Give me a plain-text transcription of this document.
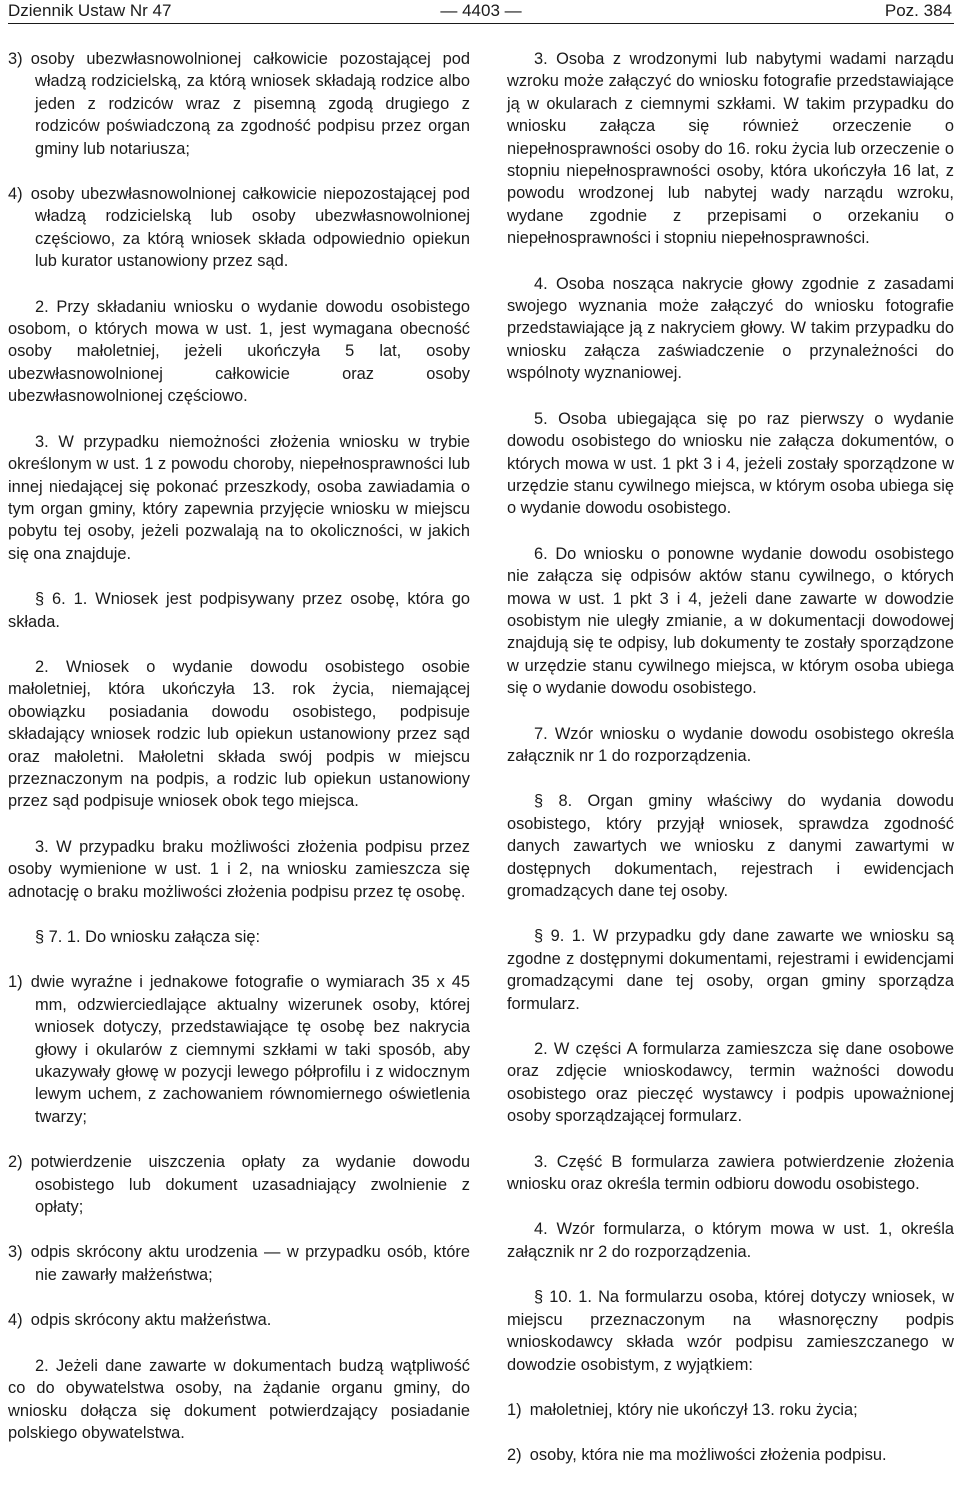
Dziennik Ustaw Nr 47	— 4403 —	Poz. 384

3) osoby ubezwłasnowolnionej całkowicie pozostającej pod władzą rodzicielską, za którą wniosek składają rodzice albo jeden z rodziców wraz z pisemną zgodą drugiego z rodziców poświadczoną za zgodność podpisu przez organ gminy lub notariusza;

4) osoby ubezwłasnowolnionej całkowicie niepozostającej pod władzą rodzicielską lub osoby ubezwłasnowolnionej częściowo, za którą wniosek składa odpowiednio opiekun lub kurator ustanowiony przez sąd.

2. Przy składaniu wniosku o wydanie dowodu osobistego osobom, o których mowa w ust. 1, jest wymagana obecność osoby małoletniej, jeżeli ukończyła 5 lat, osoby ubezwłasnowolnionej całkowicie oraz osoby ubezwłasnowolnionej częściowo.

3. W przypadku niemożności złożenia wniosku w trybie określonym w ust. 1 z powodu choroby, niepełnosprawności lub innej niedającej się pokonać przeszkody, osoba zawiadamia o tym organ gminy, który zapewnia przyjęcie wniosku w miejscu pobytu tej osoby, jeżeli pozwalają na to okoliczności, w jakich się ona znajduje.

§ 6. 1. Wniosek jest podpisywany przez osobę, która go składa.

2. Wniosek o wydanie dowodu osobistego osobie małoletniej, która ukończyła 13. rok życia, niemającej obowiązku posiadania dowodu osobistego, podpisuje składający wniosek rodzic lub opiekun ustanowiony przez sąd oraz małoletni. Małoletni składa swój podpis w miejscu przeznaczonym na podpis, a rodzic lub opiekun ustanowiony przez sąd podpisuje wniosek obok tego miejsca.

3. W przypadku braku możliwości złożenia podpisu przez osoby wymienione w ust. 1 i 2, na wniosku zamieszcza się adnotację o braku możliwości złożenia podpisu przez tę osobę.

§ 7. 1. Do wniosku załącza się:

1) dwie wyraźne i jednakowe fotografie o wymiarach 35 x 45 mm, odzwierciedlające aktualny wizerunek osoby, której wniosek dotyczy, przedstawiające tę osobę bez nakrycia głowy i okularów z ciemnymi szkłami w taki sposób, aby ukazywały głowę w pozycji lewego półprofilu i z widocznym lewym uchem, z zachowaniem równomiernego oświetlenia twarzy;

2) potwierdzenie uiszczenia opłaty za wydanie dowodu osobistego lub dokument uzasadniający zwolnienie z opłaty;

3) odpis skrócony aktu urodzenia — w przypadku osób, które nie zawarły małżeństwa;

4) odpis skrócony aktu małżeństwa.

2. Jeżeli dane zawarte w dokumentach budzą wątpliwość co do obywatelstwa osoby, na żądanie organu gminy, do wniosku dołącza się dokument potwierdzający posiadanie polskiego obywatelstwa.

3. Osoba z wrodzonymi lub nabytymi wadami narządu wzroku może załączyć do wniosku fotografie przedstawiające ją w okularach z ciemnymi szkłami. W takim przypadku do wniosku załącza się również orzeczenie o niepełnosprawności osoby do 16. roku życia lub orzeczenie o stopniu niepełnosprawności osoby, która ukończyła 16 lat, z powodu wrodzonej lub nabytej wady narządu wzroku, wydane zgodnie z przepisami o orzekaniu o niepełnosprawności i stopniu niepełnosprawności.

4. Osoba nosząca nakrycie głowy zgodnie z zasadami swojego wyznania może załączyć do wniosku fotografie przedstawiające ją z nakryciem głowy. W takim przypadku do wniosku załącza zaświadczenie o przynależności do wspólnoty wyznaniowej.

5. Osoba ubiegająca się po raz pierwszy o wydanie dowodu osobistego do wniosku nie załącza dokumentów, o których mowa w ust. 1 pkt 3 i 4, jeżeli zostały sporządzone w urzędzie stanu cywilnego miejsca, w którym osoba ubiega się o wydanie dowodu osobistego.

6. Do wniosku o ponowne wydanie dowodu osobistego nie załącza się odpisów aktów stanu cywilnego, o których mowa w ust. 1 pkt 3 i 4, jeżeli dane zawarte w dowodzie osobistym nie uległy zmianie, a w dokumentacji dowodowej znajdują się te odpisy, lub dokumenty te zostały sporządzone w urzędzie stanu cywilnego miejsca, w którym osoba ubiega się o wydanie dowodu osobistego.

7. Wzór wniosku o wydanie dowodu osobistego określa załącznik nr 1 do rozporządzenia.

§ 8. Organ gminy właściwy do wydania dowodu osobistego, który przyjął wniosek, sprawdza zgodność danych zawartych we wniosku z danymi zawartymi w dostępnych dokumentach, rejestrach i ewidencjach gromadzących dane tej osoby.

§ 9. 1. W przypadku gdy dane zawarte we wniosku są zgodne z dostępnymi dokumentami, rejestrami i ewidencjami gromadzącymi dane tej osoby, organ gminy sporządza formularz.

2. W części A formularza zamieszcza się dane osobowe oraz zdjęcie wnioskodawcy, termin ważności dowodu osobistego oraz pieczęć wystawcy i podpis upoważnionej osoby sporządzającej formularz.

3. Część B formularza zawiera potwierdzenie złożenia wniosku oraz określa termin odbioru dowodu osobistego.

4. Wzór formularza, o którym mowa w ust. 1, określa załącznik nr 2 do rozporządzenia.

§ 10. 1. Na formularzu osoba, której dotyczy wniosek, w miejscu przeznaczonym na własnoręczny podpis wnioskodawcy składa wzór podpisu zamieszczanego w dowodzie osobistym, z wyjątkiem:

1) małoletniej, który nie ukończył 13. roku życia;

2) osoby, która nie ma możliwości złożenia podpisu.
